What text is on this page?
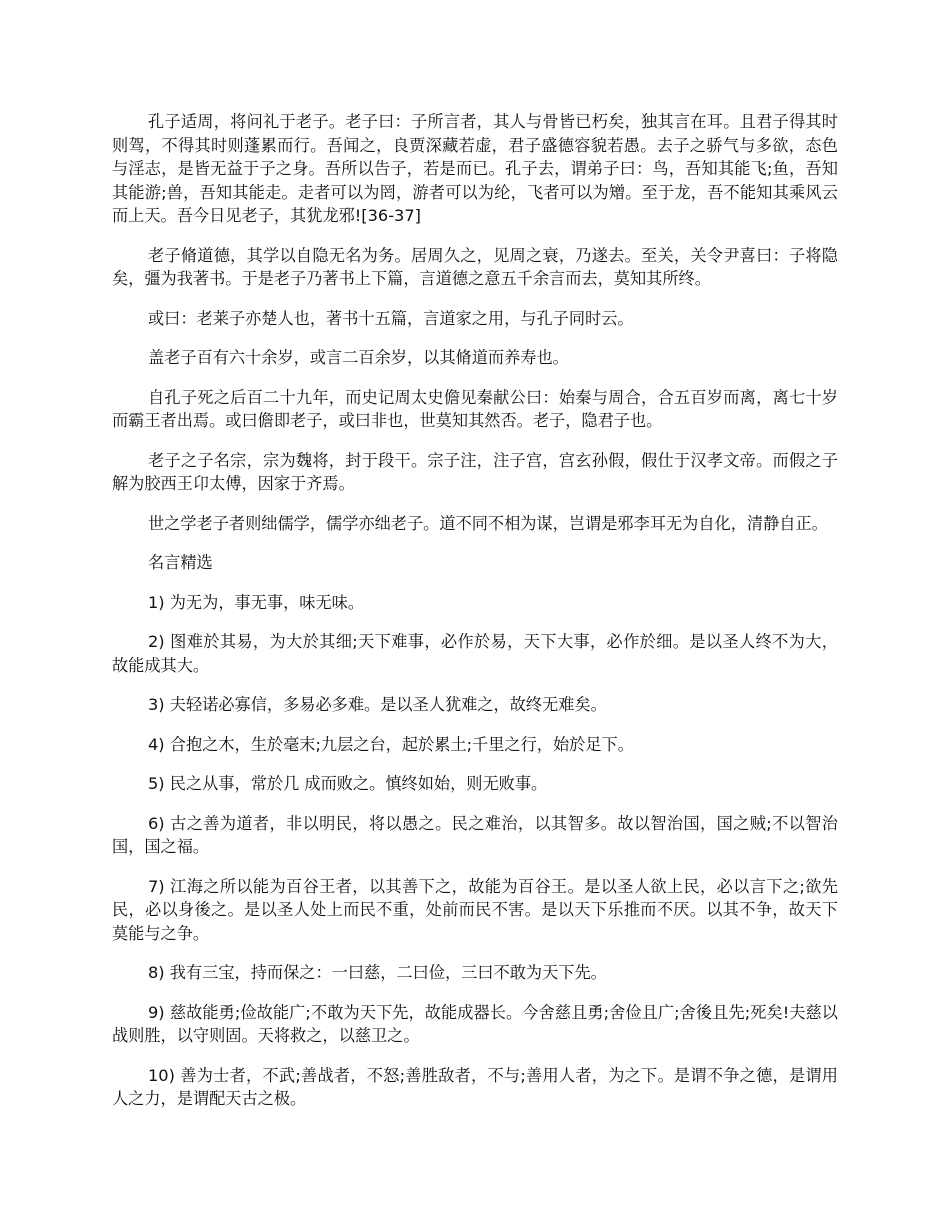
孔子适周，将问礼于老子。老子曰：子所言者，其人与骨皆已朽矣，独其言在耳。且君子得其时则驾，不得其时则蓬累而行。吾闻之，良贾深藏若虚，君子盛德容貌若愚。去子之骄气与多欲，态色与淫志，是皆无益于子之身。吾所以告子，若是而已。孔子去，谓弟子曰：鸟，吾知其能飞;鱼，吾知其能游;兽，吾知其能走。走者可以为罔，游者可以为纶，飞者可以为矰。至于龙，吾不能知其乘风云而上天。吾今日见老子，其犹龙邪![36-37]

老子脩道德，其学以自隐无名为务。居周久之，见周之衰，乃遂去。至关，关令尹喜曰：子将隐矣，彊为我著书。于是老子乃著书上下篇，言道德之意五千余言而去，莫知其所终。

或曰：老莱子亦楚人也，著书十五篇，言道家之用，与孔子同时云。

盖老子百有六十余岁，或言二百余岁，以其脩道而养寿也。

自孔子死之后百二十九年，而史记周太史儋见秦献公曰：始秦与周合，合五百岁而离，离七十岁而霸王者出焉。或曰儋即老子，或曰非也，世莫知其然否。老子，隐君子也。

老子之子名宗，宗为魏将，封于段干。宗子注，注子宫，宫玄孙假，假仕于汉孝文帝。而假之子解为胶西王卬太傅，因家于齐焉。

世之学老子者则绌儒学，儒学亦绌老子。道不同不相为谋，岂谓是邪李耳无为自化，清静自正。

名言精选

1) 为无为，事无事，味无味。

2) 图难於其易，为大於其细;天下难事，必作於易，天下大事，必作於细。是以圣人终不为大，故能成其大。

3) 夫轻诺必寡信，多易必多难。是以圣人犹难之，故终无难矣。

4) 合抱之木，生於毫末;九层之台，起於累土;千里之行，始於足下。

5) 民之从事，常於几 成而败之。慎终如始，则无败事。

6) 古之善为道者，非以明民，将以愚之。民之难治，以其智多。故以智治国，国之贼;不以智治国，国之福。

7) 江海之所以能为百谷王者，以其善下之，故能为百谷王。是以圣人欲上民，必以言下之;欲先民，必以身後之。是以圣人处上而民不重，处前而民不害。是以天下乐推而不厌。以其不争，故天下莫能与之争。

8) 我有三宝，持而保之：一曰慈，二曰俭，三曰不敢为天下先。

9) 慈故能勇;俭故能广;不敢为天下先，故能成器长。今舍慈且勇;舍俭且广;舍後且先;死矣!夫慈以战则胜，以守则固。天将救之，以慈卫之。

10) 善为士者，不武;善战者，不怒;善胜敌者，不与;善用人者，为之下。是谓不争之德，是谓用人之力，是谓配天古之极。
